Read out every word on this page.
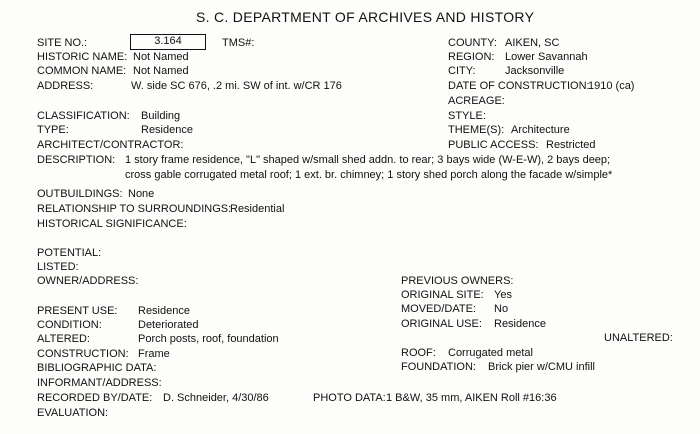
S. C. DEPARTMENT OF ARCHIVES AND HISTORY
SITE NO.:	3.164	TMS#:
HISTORIC NAME: Not Named
COMMON NAME: Not Named
ADDRESS:	W. side SC 676, .2 mi. SW of int. w/CR 176
COUNTY: AIKEN, SC
REGION: Lower Savannah
CITY:	Jacksonville
DATE OF CONSTRUCTION:
1910 (ca)
ACREAGE:
CLASSIFICATION: Building
TYPE:	Residence
ARCHITECT/CONTRACTOR:
STYLE:
THEME(S): Architecture
PUBLIC ACCESS: Restricted
DESCRIPTION: 1 story frame residence, "L" shaped w/small shed addn. to rear; 3 bays wide (W-E-W), 2 bays deep;
cross gable corrugated metal roof; 1 ext. br. chimney; 1 story shed porch along the facade w/simple*
OUTBUILDINGS: None
RELATIONSHIP TO SURROUNDINGS:
Residential
HISTORICAL SIGNIFICANCE:
POTENTIAL:
LISTED:
OWNER/ADDRESS:	PREVIOUS OWNERS:
ORIGINAL SITE: Yes
MOVED/DATE: No
ORIGINAL USE: Residence
UNALTERED:
PRESENT USE: Residence
CONDITION:	Deteriorated
ALTERED:	Porch posts, roof, foundation
CONSTRUCTION: Frame	ROOF: Corrugated metal
FOUNDATION: Brick pier w/CMU infill
BIBLIOGRAPHIC DATA:
INFORMANT/ADDRESS:
RECORDED BY/DATE: D. Schneider, 4/30/86	PHOTO DATA: 1 B&W, 35 mm, AIKEN Roll #16:36
EVALUATION:
